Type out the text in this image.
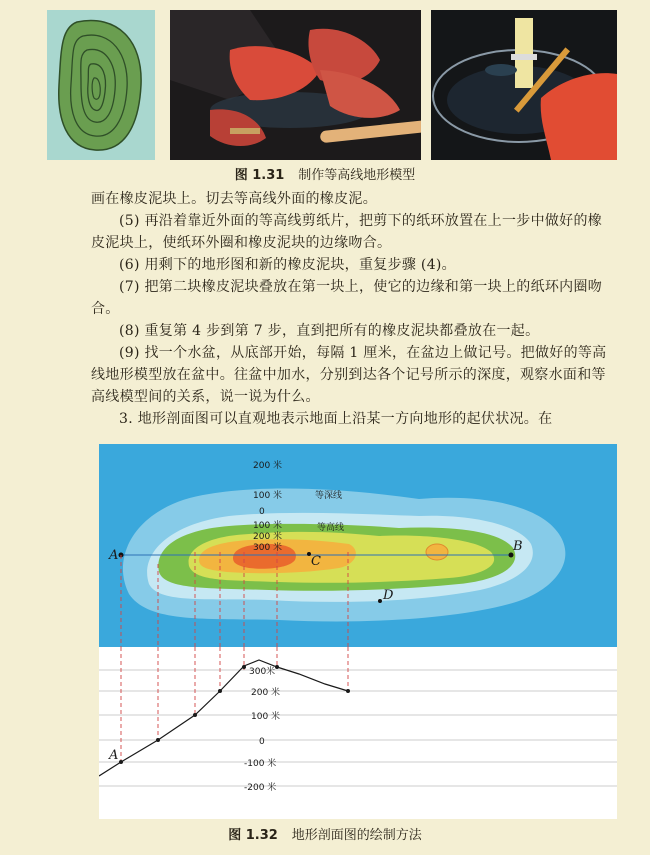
图 1.31 制作等高线地形模型

画在橡皮泥块上。切去等高线外面的橡皮泥。

(5) 再沿着靠近外面的等高线剪纸片，把剪下的纸环放置在上一步中做好的橡皮泥块上，使纸环外圈和橡皮泥块的边缘吻合。

(6) 用剩下的地形图和新的橡皮泥块，重复步骤 (4)。

(7) 把第二块橡皮泥块叠放在第一块上，使它的边缘和第一块上的纸环内圈吻合。

(8) 重复第 4 步到第 7 步，直到把所有的橡皮泥块都叠放在一起。

(9) 找一个水盆，从底部开始，每隔 1 厘米，在盆边上做记号。把做好的等高线地形模型放在盆中。往盆中加水，分别到达各个记号所示的深度，观察水面和等高线模型间的关系，说一说为什么。

3. 地形剖面图可以直观地表示地面上沿某一方向地形的起伏状况。在

A
B
C
D
200 米
100 米	等深线
0
100 米	等高线
200 米
300 米
300米
200 米
100 米
0
-100 米
-200 米
A
图 1.32 地形剖面图的绘制方法
